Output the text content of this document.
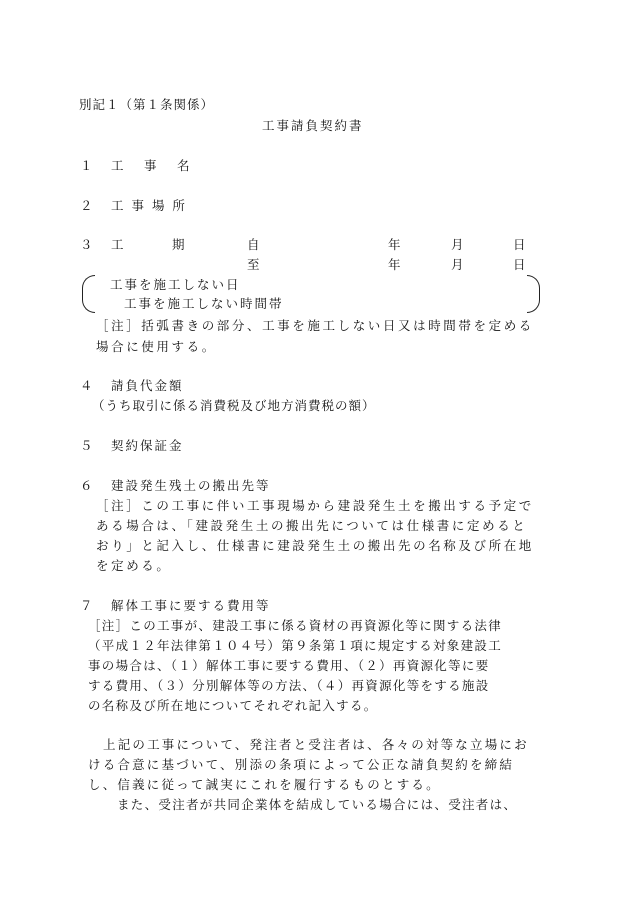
別記１（第１条関係）
工事請負契約書
１ 工　事　名
２ 工 事 場 所
３ 工	期	自	年	月	日
至	年	月	日
工事を施工しない日
工事を施工しない時間帯
［注］括弧書きの部分、工事を施工しない日又は時間帯を定める
場合に使用する。
４ 請負代金額
（うち取引に係る消費税及び地方消費税の額）
５ 契約保証金
６ 建設発生残土の搬出先等
［注］この工事に伴い工事現場から建設発生土を搬出する予定で
ある場合は、「建設発生土の搬出先については仕様書に定めると
おり」と記入し、仕様書に建設発生土の搬出先の名称及び所在地
を定める。
７ 解体工事に要する費用等
［注］この工事が、建設工事に係る資材の再資源化等に関する法律
（平成１２年法律第１０４号）第９条第１項に規定する対象建設工
事の場合は、（１）解体工事に要する費用、（２）再資源化等に要
する費用、（３）分別解体等の方法、（４）再資源化等をする施設
の名称及び所在地についてそれぞれ記入する。
上記の工事について、発注者と受注者は、各々の対等な立場にお
ける合意に基づいて、別添の条項によって公正な請負契約を締結
し、信義に従って誠実にこれを履行するものとする。
また、受注者が共同企業体を結成している場合には、受注者は、
